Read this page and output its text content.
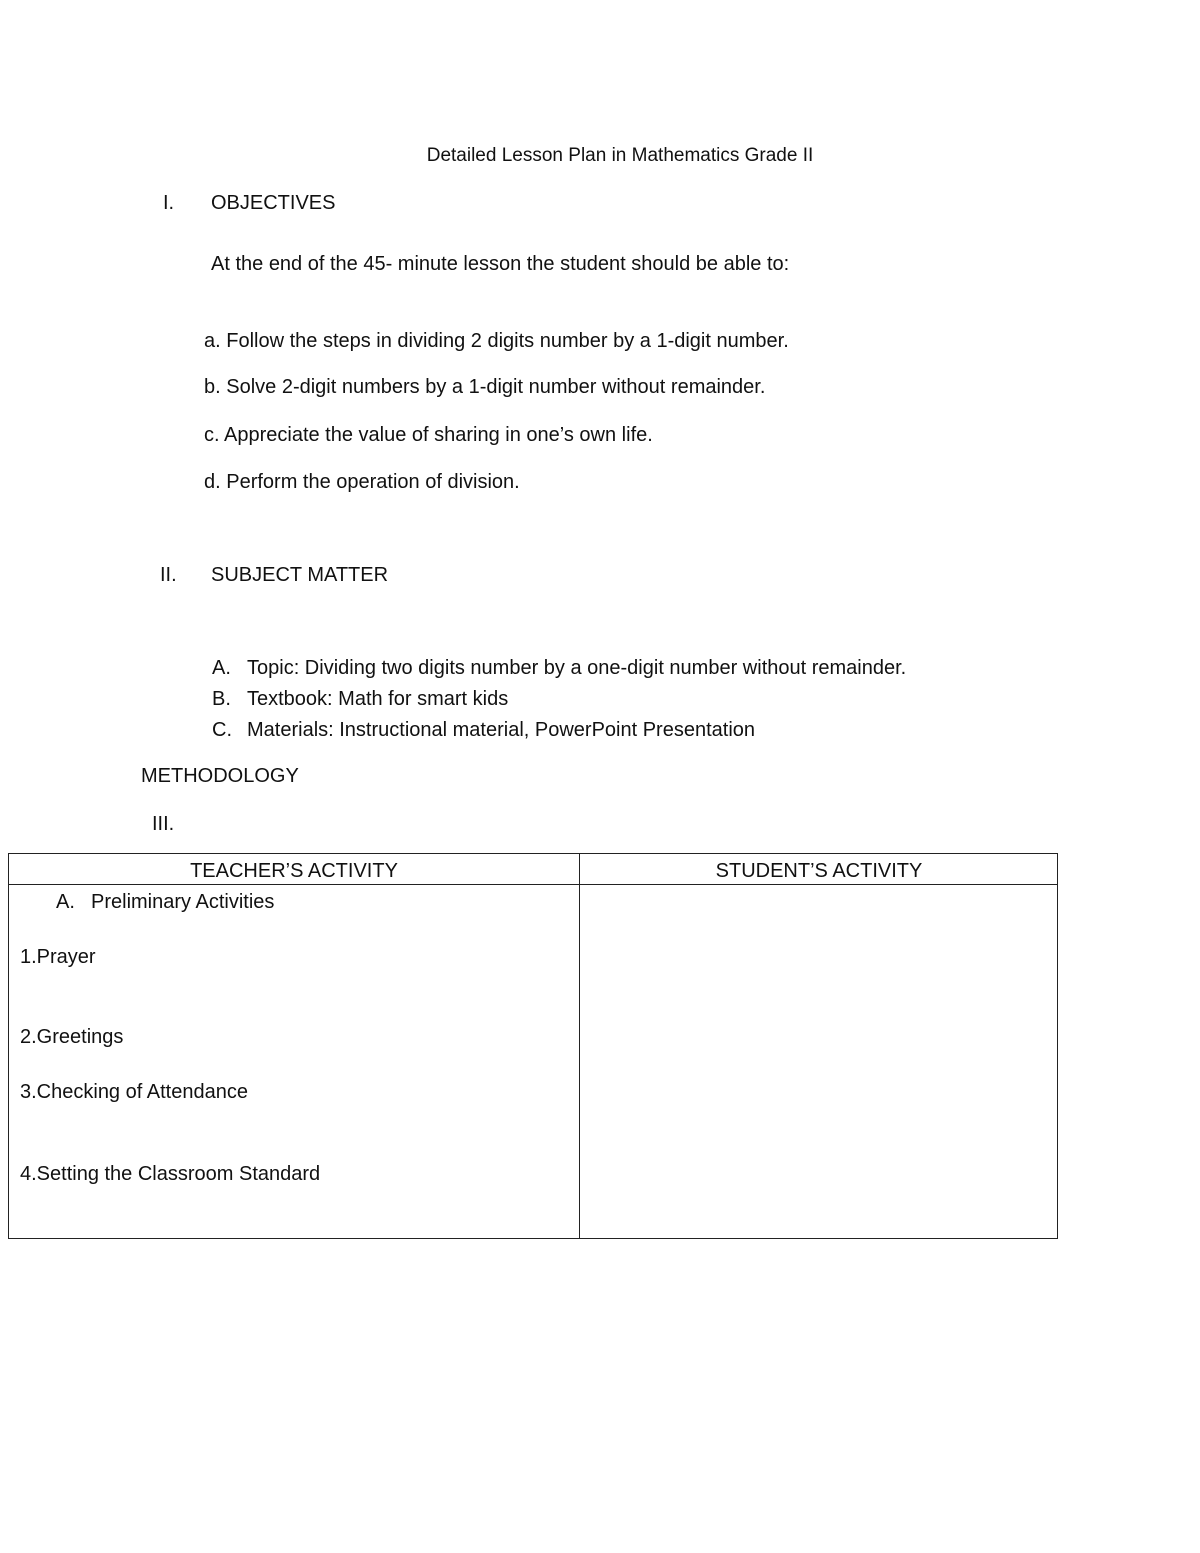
Detailed Lesson Plan in Mathematics Grade II
I. OBJECTIVES
At the end of the 45- minute lesson the student should be able to:
a. Follow the steps in dividing 2 digits number by a 1-digit number.
b. Solve 2-digit numbers by a 1-digit number without remainder.
c. Appreciate the value of sharing in one’s own life.
d. Perform the operation of division.
II. SUBJECT MATTER
A. Topic: Dividing two digits number by a one-digit number without remainder.
B. Textbook: Math for smart kids
C. Materials: Instructional material, PowerPoint Presentation
METHODOLOGY
III.
TEACHER’S ACTIVITY	STUDENT’S ACTIVITY
A. Preliminary Activities
1.Prayer
2.Greetings
3.Checking of Attendance
4.Setting the Classroom Standard
